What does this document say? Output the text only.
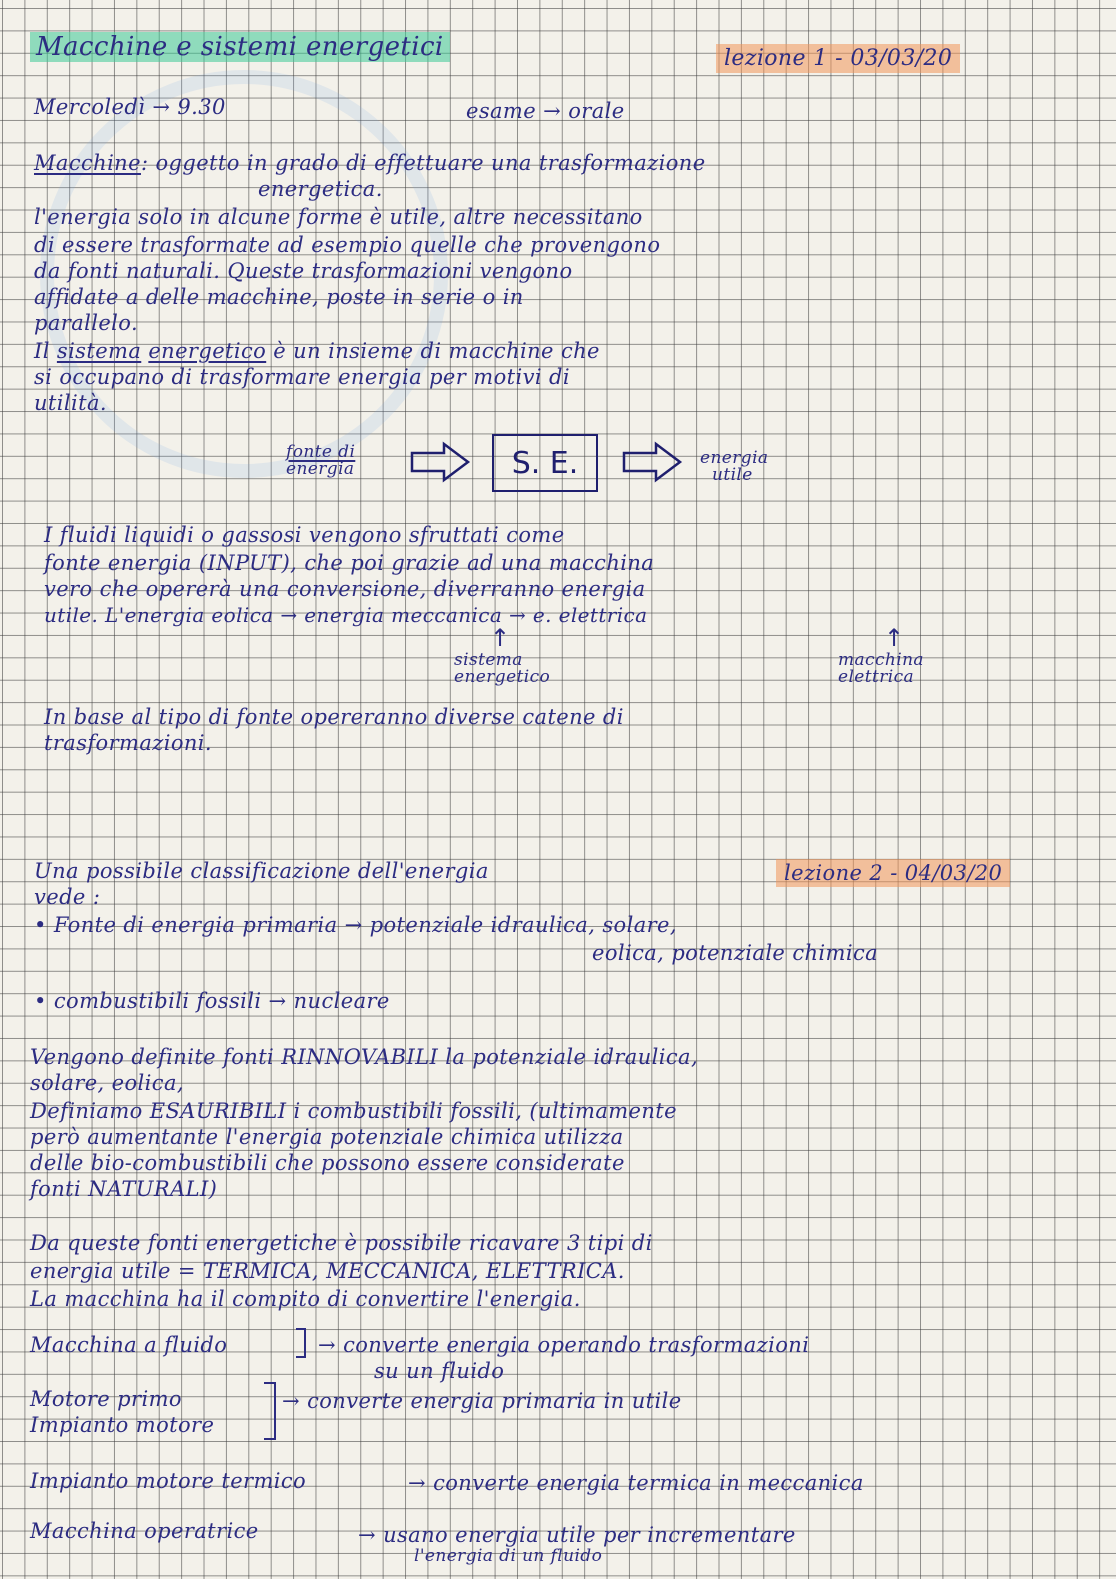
Macchine e sistemi energetici	lezione 1 - 03/03/20
Mercoledì → 9.30	esame → orale
Macchine: oggetto in grado di effettuare una trasformazione
energetica.
l'energia solo in alcune forme è utile, altre necessitano
di essere trasformate ad esempio quelle che provengono
da fonti naturali. Queste trasformazioni vengono
affidate a delle macchine, poste in serie o in
parallelo.
Il sistema energetico è un insieme di macchine che
si occupano di trasformare energia per motivi di
utilità.
fonte di
energia	S. E.	energia
utile
I fluidi liquidi o gassosi vengono sfruttati come
fonte energia (INPUT), che poi grazie ad una macchina
vero che opererà una conversione, diverranno energia
utile. L'energia eolica → energia meccanica → e. elettrica
↑
sistema
energetico
↑
macchina
elettrica
In base al tipo di fonte opereranno diverse catene di
trasformazioni.
Una possibile classificazione dell'energia	lezione 2 - 04/03/20
vede :
• Fonte di energia primaria → potenziale idraulica, solare,
eolica, potenziale chimica
• combustibili fossili → nucleare
Vengono definite fonti RINNOVABILI la potenziale idraulica,
solare, eolica,
Definiamo ESAURIBILI i combustibili fossili, (ultimamente
però aumentante l'energia potenziale chimica utilizza
delle bio-combustibili che possono essere considerate
fonti NATURALI)
Da queste fonti energetiche è possibile ricavare 3 tipi di
energia utile = TERMICA, MECCANICA, ELETTRICA.
La macchina ha il compito di convertire l'energia.
Macchina a fluido	→ converte energia operando trasformazioni
su un fluido
Motore primo	→ converte energia primaria in utile
Impianto motore
Impianto motore termico	→ converte energia termica in meccanica
Macchina operatrice	→ usano energia utile per incrementare
l'energia di un fluido
